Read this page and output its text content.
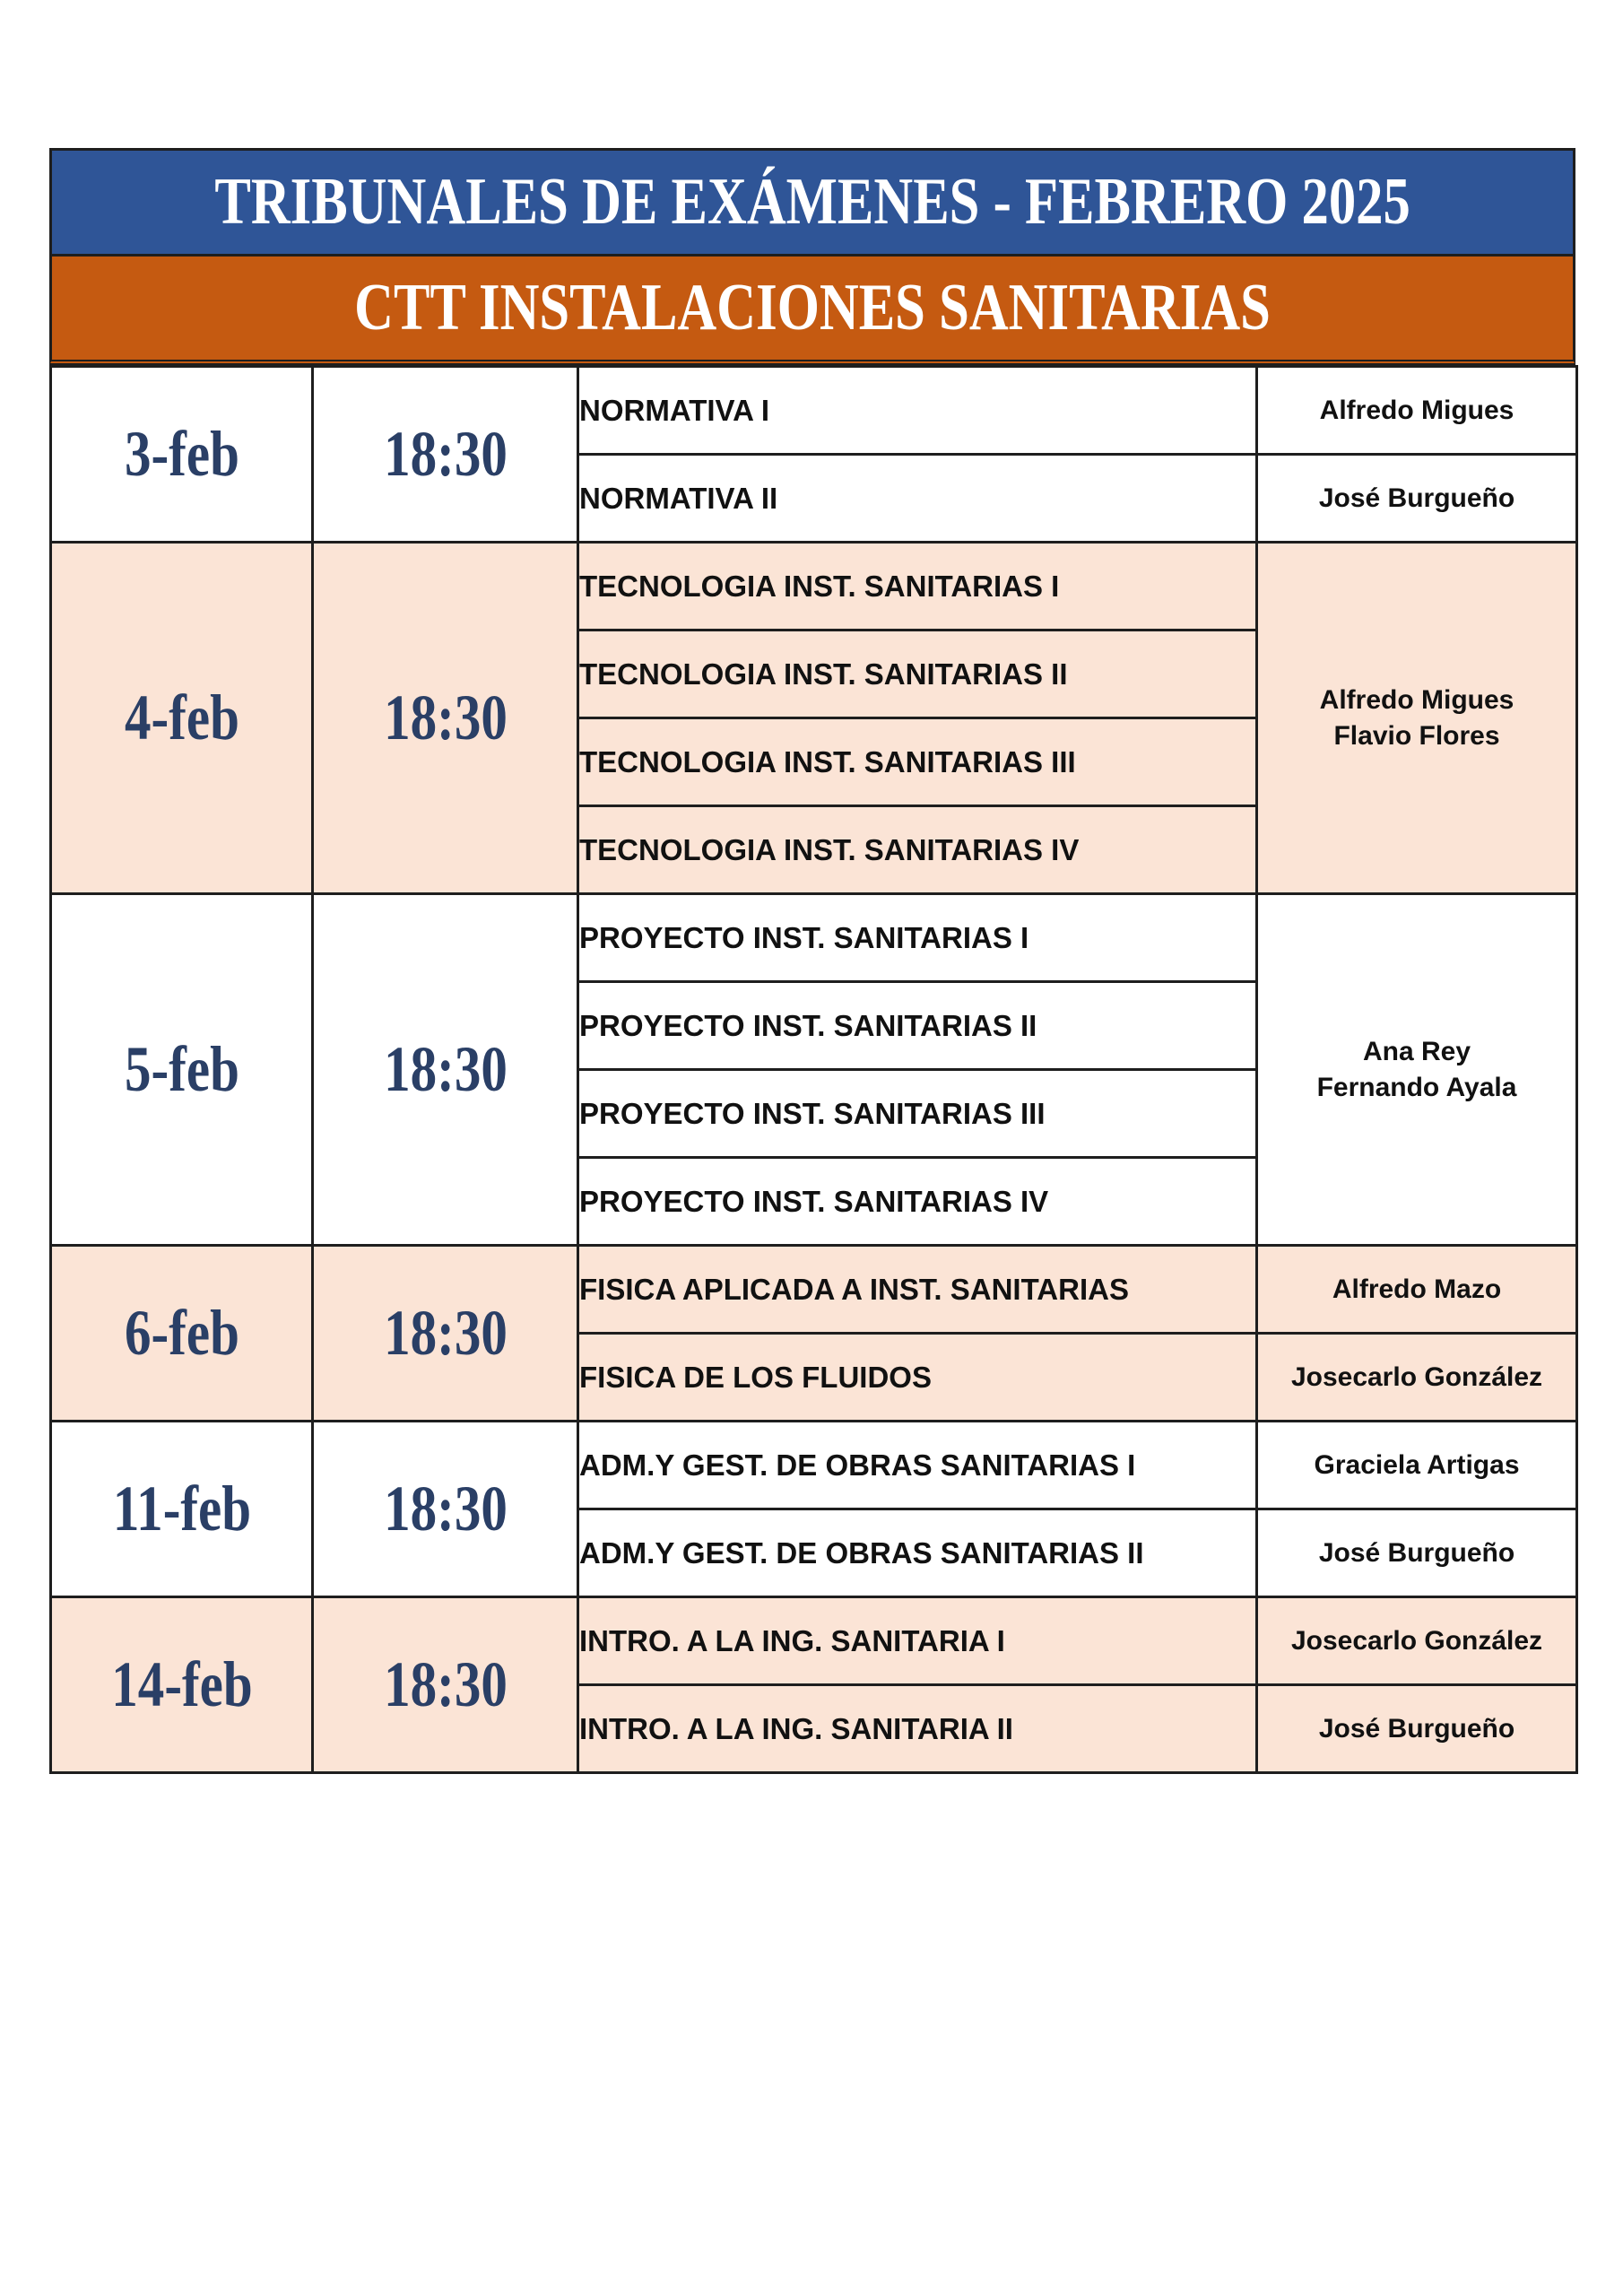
TRIBUNALES DE EXÁMENES - FEBRERO 2025
CTT INSTALACIONES SANITARIAS
3-feb	18:30	NORMATIVA I	Alfredo Migues

		NORMATIVA II	José Burgueño

4-feb	18:30	TECNOLOGIA INST. SANITARIAS I	Alfredo Migues
Flavio Flores

		TECNOLOGIA INST. SANITARIAS II	
		TECNOLOGIA INST. SANITARIAS III	
		TECNOLOGIA INST. SANITARIAS IV	
5-feb	18:30	PROYECTO INST. SANITARIAS I	Ana Rey
Fernando Ayala

		PROYECTO INST. SANITARIAS II	
		PROYECTO INST. SANITARIAS III	
		PROYECTO INST. SANITARIAS IV	
6-feb	18:30	FISICA APLICADA A INST. SANITARIAS	Alfredo Mazo

		FISICA DE LOS FLUIDOS	Josecarlo González

11-feb	18:30	ADM.Y GEST. DE OBRAS SANITARIAS I	Graciela Artigas

		ADM.Y GEST. DE OBRAS SANITARIAS II	José Burgueño

14-feb	18:30	INTRO. A LA ING. SANITARIA I	Josecarlo González

		INTRO. A LA ING. SANITARIA II	José Burgueño
